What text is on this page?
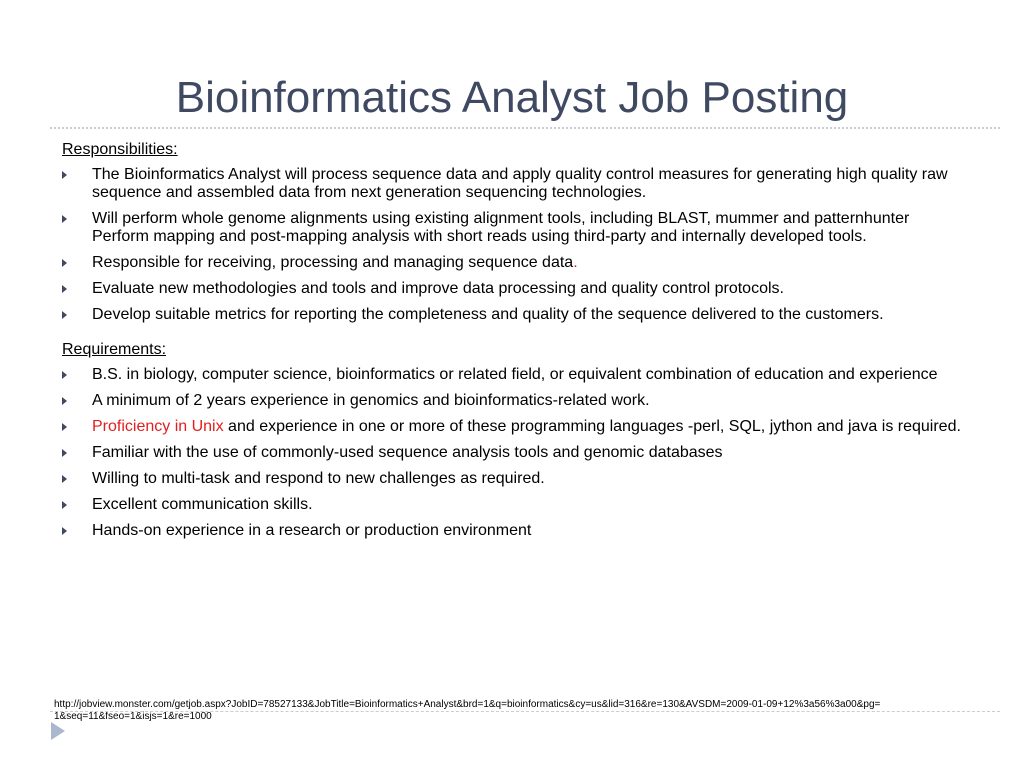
Bioinformatics Analyst Job Posting
Responsibilities:
The Bioinformatics Analyst will process sequence data and apply quality control measures for generating high quality raw sequence and assembled data from next generation sequencing technologies.
Will perform whole genome alignments using existing alignment tools, including BLAST, mummer and patternhunter Perform mapping and post-mapping analysis with short reads using third-party and internally developed tools.
Responsible for receiving, processing and managing sequence data.
Evaluate new methodologies and tools and improve data processing and quality control protocols.
Develop suitable metrics for reporting the completeness and quality of the sequence delivered to the customers.
Requirements:
B.S. in biology, computer science, bioinformatics or related field, or equivalent combination of education and experience
A minimum of 2 years experience in genomics and bioinformatics-related work.
Proficiency in Unix and experience in one or more of these programming languages -perl, SQL, jython and java is required.
Familiar with the use of commonly-used sequence analysis tools and genomic databases
Willing to multi-task and respond to new challenges as required.
Excellent communication skills.
Hands-on experience in a research or production environment
http://jobview.monster.com/getjob.aspx?JobID=78527133&JobTitle=Bioinformatics+Analyst&brd=1&q=bioinformatics&cy=us&lid=316&re=130&AVSDM=2009-01-09+12%3a56%3a00&pg=1&seq=11&fseo=1&isjs=1&re=1000
